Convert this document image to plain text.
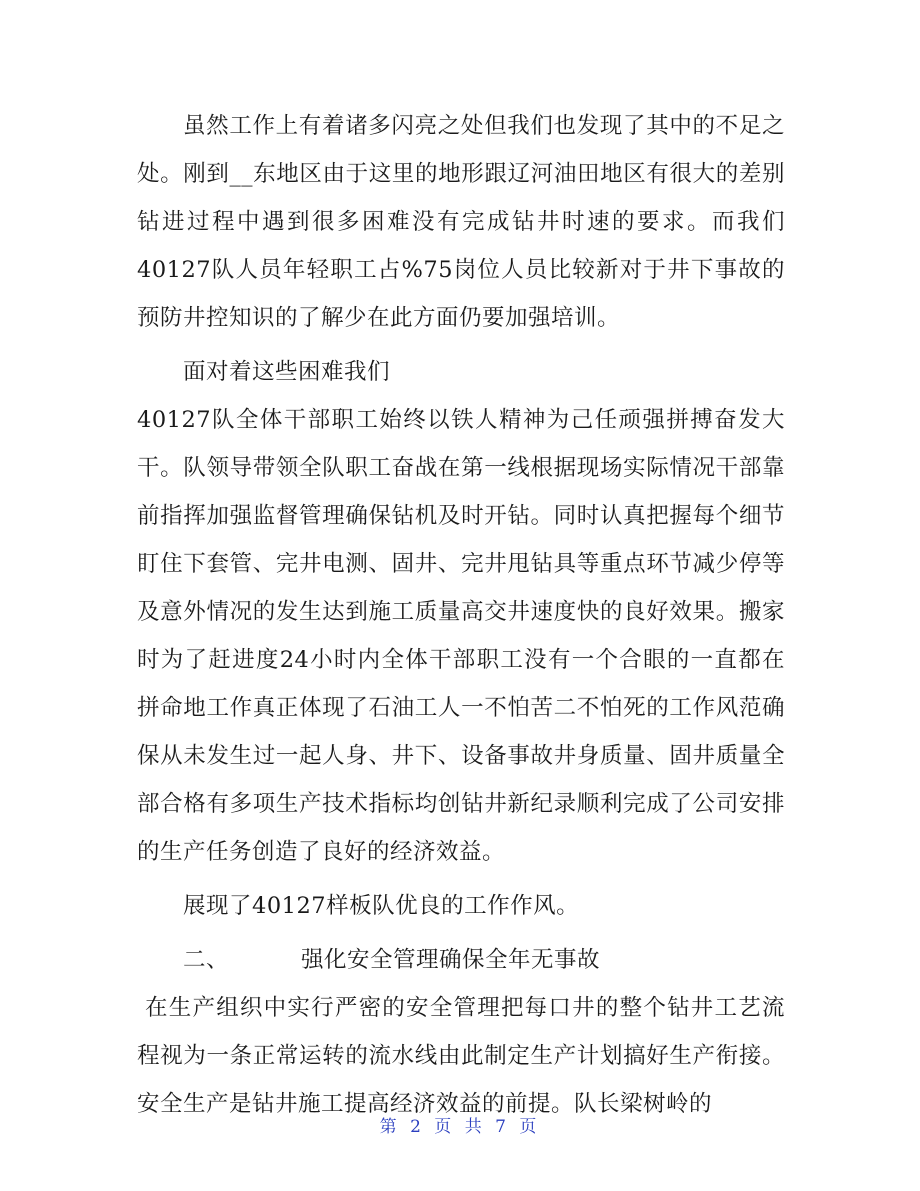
虽然工作上有着诸多闪亮之处但我们也发现了其中的不足之处。刚到__东地区由于这里的地形跟辽河油田地区有很大的差别钻进过程中遇到很多困难没有完成钻井时速的要求。而我们40127队人员年轻职工占%75岗位人员比较新对于井下事故的预防井控知识的了解少在此方面仍要加强培训。

面对着这些困难我们

40127队全体干部职工始终以铁人精神为己任顽强拼搏奋发大干。队领导带领全队职工奋战在第一线根据现场实际情况干部靠前指挥加强监督管理确保钻机及时开钻。同时认真把握每个细节盯住下套管、完井电测、固井、完井甩钻具等重点环节减少停等及意外情况的发生达到施工质量高交井速度快的良好效果。搬家时为了赶进度24小时内全体干部职工没有一个合眼的一直都在拼命地工作真正体现了石油工人一不怕苦二不怕死的工作风范确保从未发生过一起人身、井下、设备事故井身质量、固井质量全部合格有多项生产技术指标均创钻井新纪录顺利完成了公司安排的生产任务创造了良好的经济效益。

展现了40127样板队优良的工作作风。

二、	强化安全管理确保全年无事故

在生产组织中实行严密的安全管理把每口井的整个钻井工艺流程视为一条正常运转的流水线由此制定生产计划搞好生产衔接。安全生产是钻井施工提高经济效益的前提。队长梁树岭的

第 2 页 共 7 页
